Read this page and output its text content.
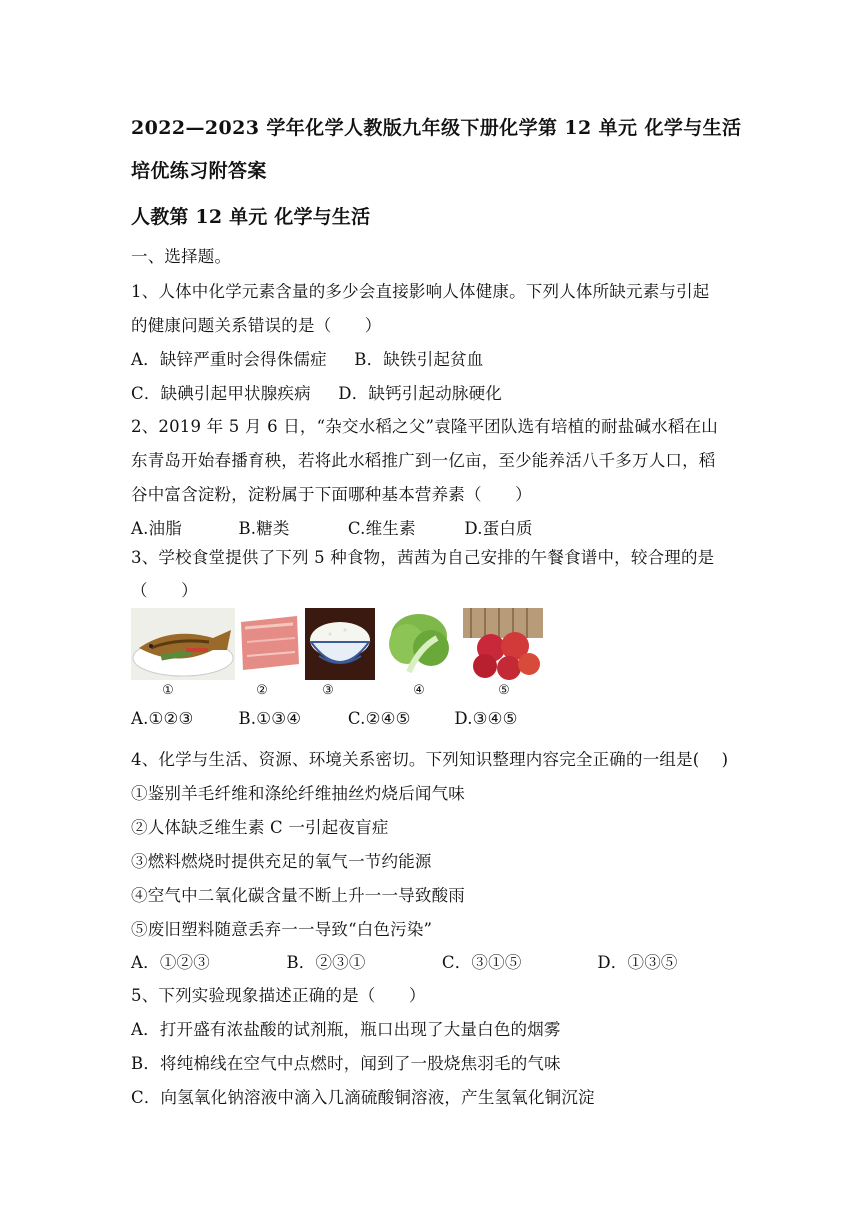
2022—2023 学年化学人教版九年级下册化学第 12 单元 化学与生活
培优练习附答案
人教第 12 单元 化学与生活
一、选择题。
1、人体中化学元素含量的多少会直接影响人体健康。下列人体所缺元素与引起
的健康问题关系错误的是（　　）
A．缺锌严重时会得侏儒症 B．缺铁引起贫血
C．缺碘引起甲状腺疾病 D．缺钙引起动脉硬化
2、2019 年 5 月 6 日，“杂交水稻之父”袁隆平团队选有培植的耐盐碱水稻在山
东青岛开始春播育秧，若将此水稻推广到一亿亩，至少能养活八千多万人口，稻
谷中富含淀粉，淀粉属于下面哪种基本营养素（　　）
A.油脂	B.糖类	C.维生素	D.蛋白质
3、学校食堂提供了下列 5 种食物，茜茜为自己安排的午餐食谱中，较合理的是
（　　）
①	②	③	④	⑤
A.①②③	B.①③④	C.②④⑤	D.③④⑤
4、化学与生活、资源、环境关系密切。下列知识整理内容完全正确的一组是(　 )
①鉴别羊毛纤维和涤纶纤维抽丝灼烧后闻气味
②人体缺乏维生素 C 一引起夜盲症
③燃料燃烧时提供充足的氧气一节约能源
④空气中二氧化碳含量不断上升一一导致酸雨
⑤废旧塑料随意丢弃一一导致“白色污染”
A．①②③	B．②③①	C．③①⑤	D．①③⑤
5、下列实验现象描述正确的是（　　）
A．打开盛有浓盐酸的试剂瓶，瓶口出现了大量白色的烟雾
B．将纯棉线在空气中点燃时，闻到了一股烧焦羽毛的气味
C．向氢氧化钠溶液中滴入几滴硫酸铜溶液，产生氢氧化铜沉淀
